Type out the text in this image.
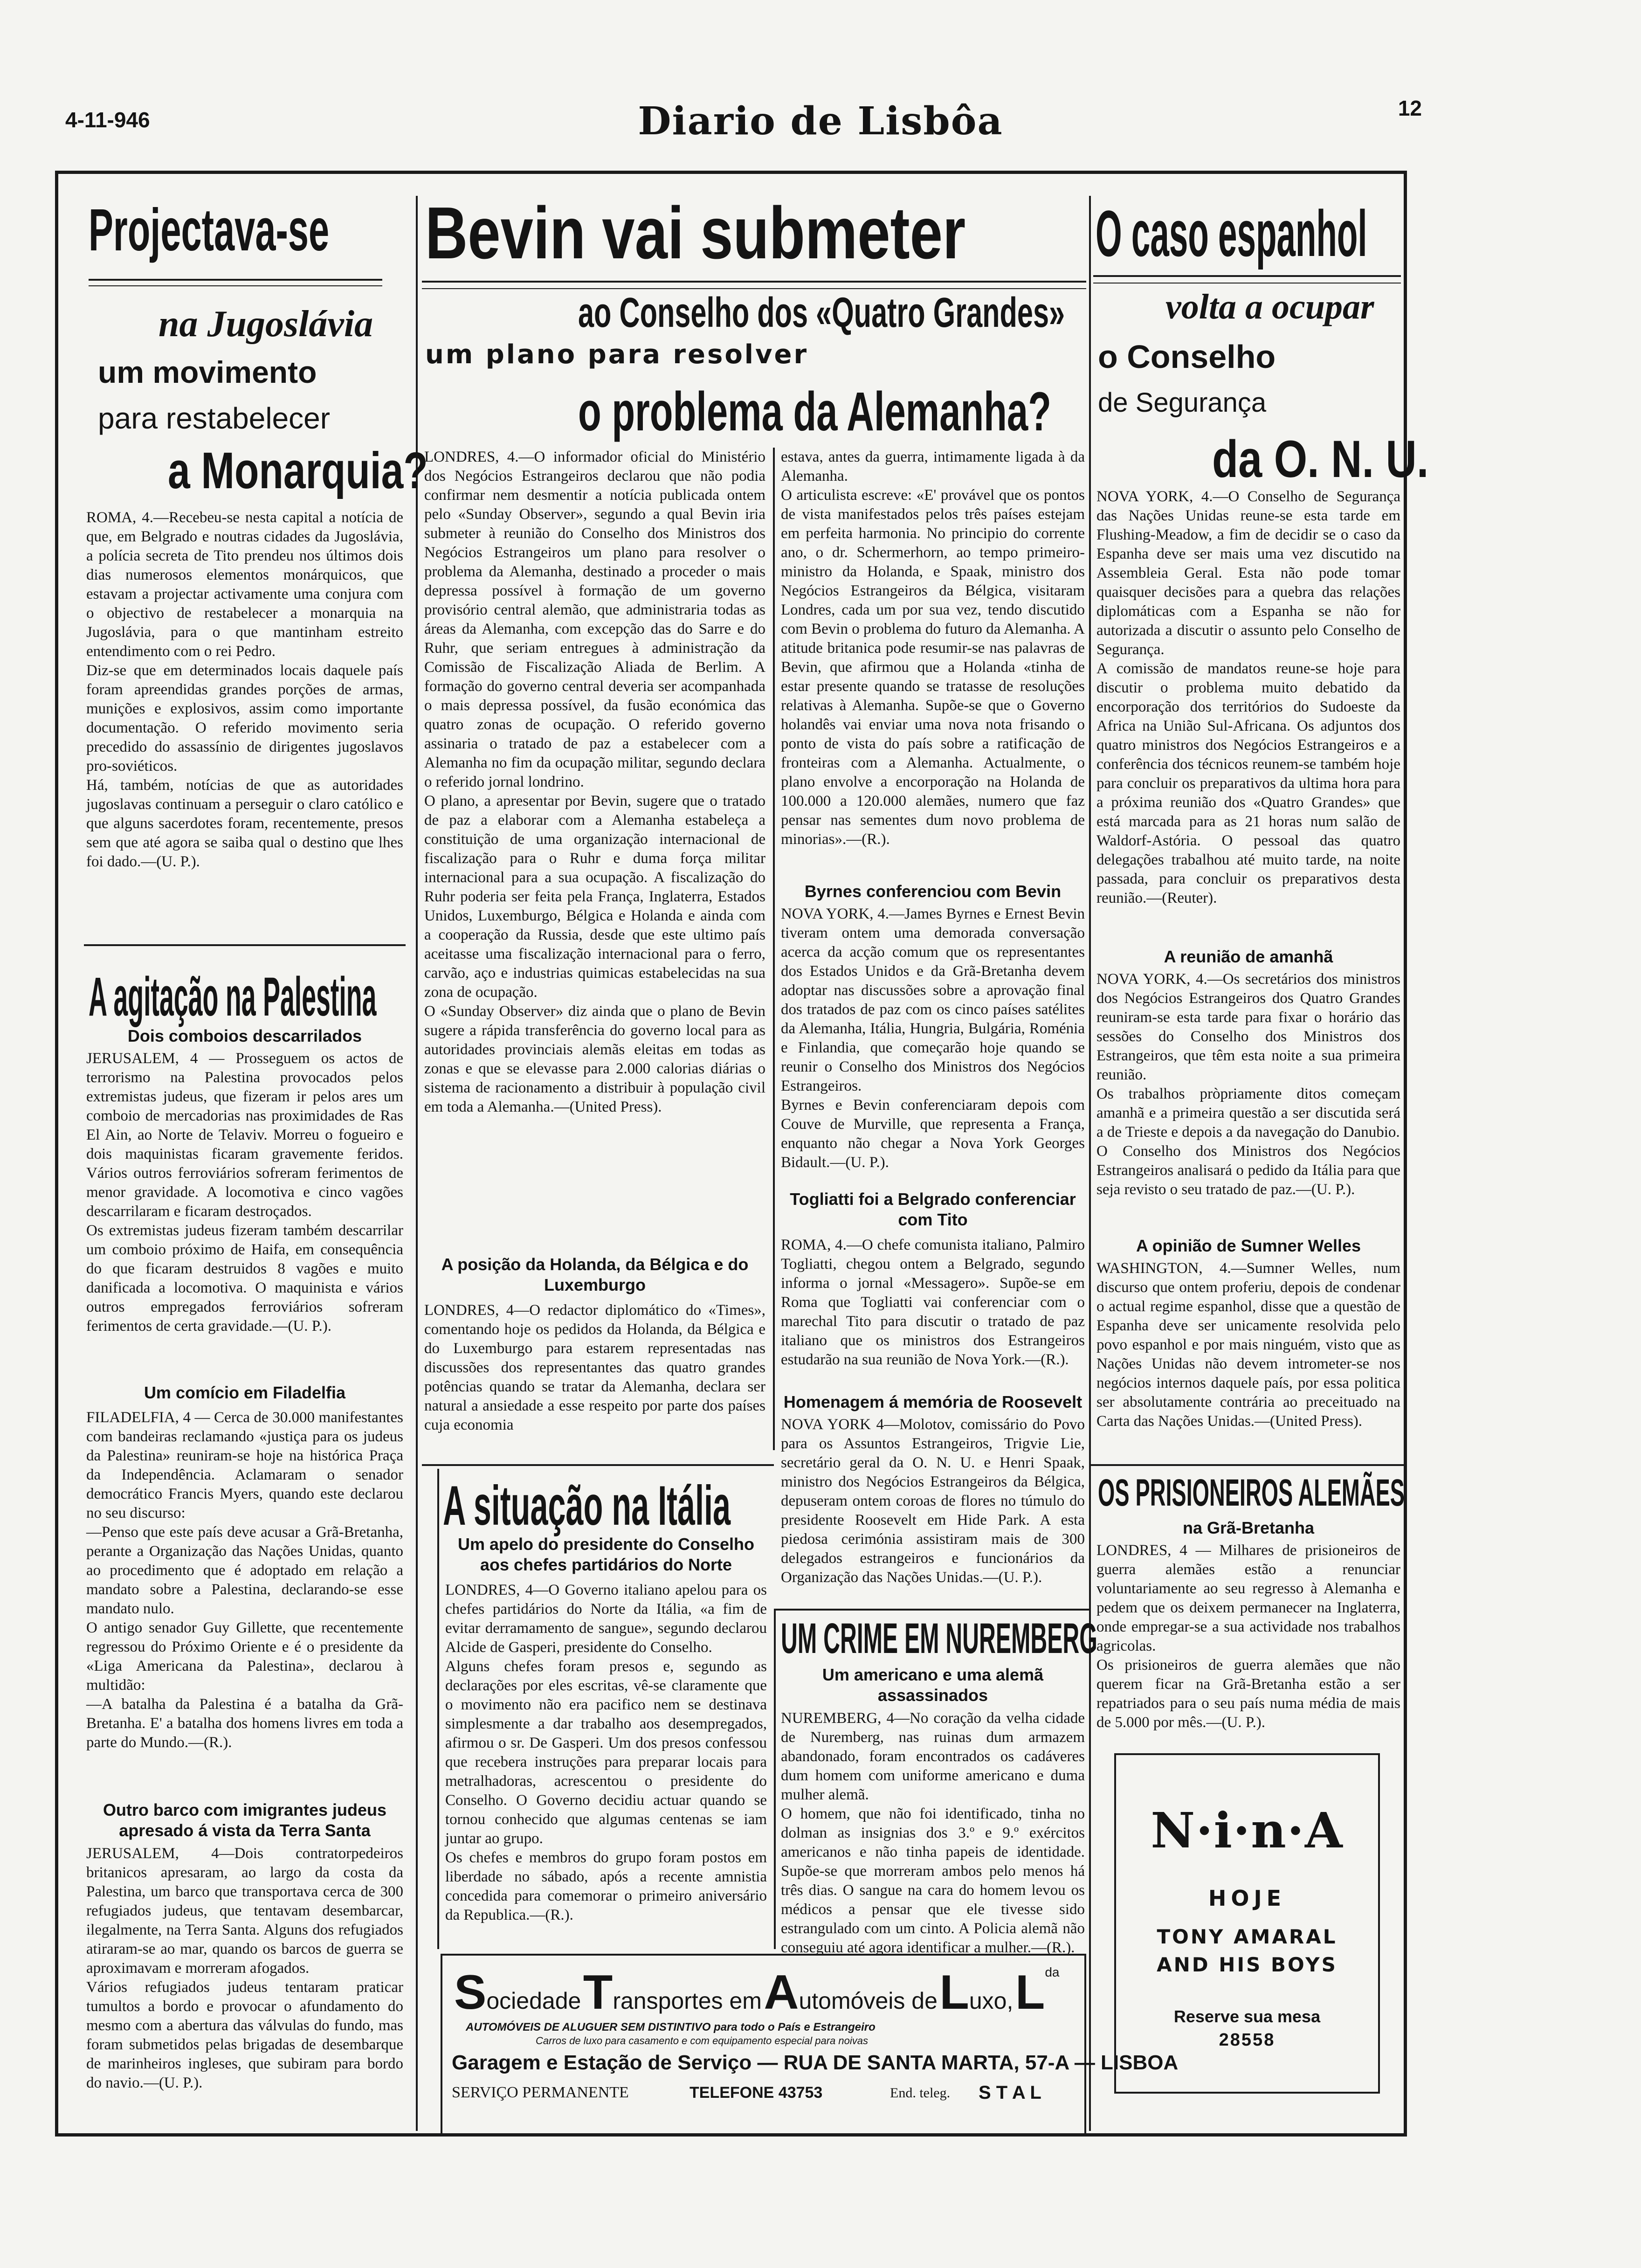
4-11-946	Diario de Lisbôa	12
Projectava-se
na Jugoslávia
um movimento
para restabelecer
a Monarquia?
ROMA, 4.—Recebeu-se nesta capital a notícia de que, em Belgrado e noutras cidades da Jugoslávia, a polícia secreta de Tito prendeu nos últimos dois dias numerosos elementos monárquicos, que estavam a projectar activamente uma conjura com o objectivo de restabelecer a monarquia na Jugoslávia, para o que mantinham estreito entendimento com o rei Pedro.
Diz-se que em determinados locais daquele país foram apreendidas grandes porções de armas, munições e explosivos, assim como importante documentação. O referido movimento seria precedido do assassínio de dirigentes jugoslavos pro-soviéticos.
Há, também, notícias de que as autoridades jugoslavas continuam a perseguir o claro católico e que alguns sacerdotes foram, recentemente, presos sem que até agora se saiba qual o destino que lhes foi dado.—(U. P.).
A agitação na Palestina
Dois comboios descarrilados
JERUSALEM, 4 — Prosseguem os actos de terrorismo na Palestina provocados pelos extremistas judeus, que fizeram ir pelos ares um comboio de mercadorias nas proximidades de Ras El Ain, ao Norte de Telaviv. Morreu o fogueiro e dois maquinistas ficaram gravemente feridos. Vários outros ferroviários sofreram ferimentos de menor gravidade. A locomotiva e cinco vagões descarrilaram e ficaram destroçados.
Os extremistas judeus fizeram também descarrilar um comboio próximo de Haifa, em consequência do que ficaram destruidos 8 vagões e muito danificada a locomotiva. O maquinista e vários outros empregados ferroviários sofreram ferimentos de certa gravidade.—(U. P.).
Um comício em Filadelfia
FILADELFIA, 4 — Cerca de 30.000 manifestantes com bandeiras reclamando «justiça para os judeus da Palestina» reuniram-se hoje na histórica Praça da Independência. Aclamaram o senador democrático Francis Myers, quando este declarou no seu discurso:
—Penso que este país deve acusar a Grã-Bretanha, perante a Organização das Nações Unidas, quanto ao procedimento que é adoptado em relação a mandato sobre a Palestina, declarando-se esse mandato nulo.
O antigo senador Guy Gillette, que recentemente regressou do Próximo Oriente e é o presidente da «Liga Americana da Palestina», declarou à multidão:
—A batalha da Palestina é a batalha da Grã-Bretanha. E' a batalha dos homens livres em toda a parte do Mundo.—(R.).
Outro barco com imigrantes judeus apresado á vista da Terra Santa
JERUSALEM, 4—Dois contratorpedeiros britanicos apresaram, ao largo da costa da Palestina, um barco que transportava cerca de 300 refugiados judeus, que tentavam desembarcar, ilegalmente, na Terra Santa. Alguns dos refugiados atiraram-se ao mar, quando os barcos de guerra se aproximavam e morreram afogados.
Vários refugiados judeus tentaram praticar tumultos a bordo e provocar o afundamento do mesmo com a abertura das válvulas do fundo, mas foram submetidos pelas brigadas de desembarque de marinheiros ingleses, que subiram para bordo do navio.—(U. P.).
Bevin vai submeter
ao Conselho dos «Quatro Grandes»
um plano para resolver
o problema da Alemanha?
LONDRES, 4.—O informador oficial do Ministério dos Negócios Estrangeiros declarou que não podia confirmar nem desmentir a notícia publicada ontem pelo «Sunday Observer», segundo a qual Bevin iria submeter à reunião do Conselho dos Ministros dos Negócios Estrangeiros um plano para resolver o problema da Alemanha, destinado a proceder o mais depressa possível à formação de um governo provisório central alemão, que administraria todas as áreas da Alemanha, com excepção das do Sarre e do Ruhr, que seriam entregues à administração da Comissão de Fiscalização Aliada de Berlim. A formação do governo central deveria ser acompanhada o mais depressa possível, da fusão económica das quatro zonas de ocupação. O referido governo assinaria o tratado de paz a estabelecer com a Alemanha no fim da ocupação militar, segundo declara o referido jornal londrino.
O plano, a apresentar por Bevin, sugere que o tratado de paz a elaborar com a Alemanha estabeleça a constituição de uma organização internacional de fiscalização para o Ruhr e duma força militar internacional para a sua ocupação. A fiscalização do Ruhr poderia ser feita pela França, Inglaterra, Estados Unidos, Luxemburgo, Bélgica e Holanda e ainda com a cooperação da Russia, desde que este ultimo país aceitasse uma fiscalização internacional para o ferro, carvão, aço e industrias quimicas estabelecidas na sua zona de ocupação.
O «Sunday Observer» diz ainda que o plano de Bevin sugere a rápida transferência do governo local para as autoridades provinciais alemãs eleitas em todas as zonas e que se elevasse para 2.000 calorias diárias o sistema de racionamento a distribuir à população civil em toda a Alemanha.—(United Press).
A posição da Holanda, da Bélgica e do Luxemburgo
LONDRES, 4—O redactor diplomático do «Times», comentando hoje os pedidos da Holanda, da Bélgica e do Luxemburgo para estarem representadas nas discussões dos representantes das quatro grandes potências quando se tratar da Alemanha, declara ser natural a ansiedade a esse respeito por parte dos países cuja economia
estava, antes da guerra, intimamente ligada à da Alemanha.
O articulista escreve: «E' provável que os pontos de vista manifestados pelos três países estejam em perfeita harmonia. No principio do corrente ano, o dr. Schermerhorn, ao tempo primeiro-ministro da Holanda, e Spaak, ministro dos Negócios Estrangeiros da Bélgica, visitaram Londres, cada um por sua vez, tendo discutido com Bevin o problema do futuro da Alemanha. A atitude britanica pode resumir-se nas palavras de Bevin, que afirmou que a Holanda «tinha de estar presente quando se tratasse de resoluções relativas à Alemanha. Supõe-se que o Governo holandês vai enviar uma nova nota frisando o ponto de vista do país sobre a ratificação de fronteiras com a Alemanha. Actualmente, o plano envolve a encorporação na Holanda de 100.000 a 120.000 alemães, numero que faz pensar nas sementes dum novo problema de minorias».—(R.).
Byrnes conferenciou com Bevin
NOVA YORK, 4.—James Byrnes e Ernest Bevin tiveram ontem uma demorada conversação acerca da acção comum que os representantes dos Estados Unidos e da Grã-Bretanha devem adoptar nas discussões sobre a aprovação final dos tratados de paz com os cinco países satélites da Alemanha, Itália, Hungria, Bulgária, Roménia e Finlandia, que começarão hoje quando se reunir o Conselho dos Ministros dos Negócios Estrangeiros.
Byrnes e Bevin conferenciaram depois com Couve de Murville, que representa a França, enquanto não chegar a Nova York Georges Bidault.—(U. P.).
Togliatti foi a Belgrado conferenciar com Tito
ROMA, 4.—O chefe comunista italiano, Palmiro Togliatti, chegou ontem a Belgrado, segundo informa o jornal «Messagero». Supõe-se em Roma que Togliatti vai conferenciar com o marechal Tito para discutir o tratado de paz italiano que os ministros dos Estrangeiros estudarão na sua reunião de Nova York.—(R.).
Homenagem á memória de Roosevelt
NOVA YORK 4—Molotov, comissário do Povo para os Assuntos Estrangeiros, Trigvie Lie, secretário geral da O. N. U. e Henri Spaak, ministro dos Negócios Estrangeiros da Bélgica, depuseram ontem coroas de flores no túmulo do presidente Roosevelt em Hide Park. A esta piedosa cerimónia assistiram mais de 300 delegados estrangeiros e funcionários da Organização das Nações Unidas.—(U. P.).
A situação na Itália
Um apelo do presidente do Conselho aos chefes partidários do Norte
LONDRES, 4—O Governo italiano apelou para os chefes partidários do Norte da Itália, «a fim de evitar derramamento de sangue», segundo declarou Alcide de Gasperi, presidente do Conselho.
Alguns chefes foram presos e, segundo as declarações por eles escritas, vê-se claramente que o movimento não era pacifico nem se destinava simplesmente a dar trabalho aos desempregados, afirmou o sr. De Gasperi. Um dos presos confessou que recebera instruções para preparar locais para metralhadoras, acrescentou o presidente do Conselho. O Governo decidiu actuar quando se tornou conhecido que algumas centenas se iam juntar ao grupo.
Os chefes e membros do grupo foram postos em liberdade no sábado, após a recente amnistia concedida para comemorar o primeiro aniversário da Republica.—(R.).
UM CRIME EM NUREMBERG
Um americano e uma alemã assassinados
NUREMBERG, 4—No coração da velha cidade de Nuremberg, nas ruinas dum armazem abandonado, foram encontrados os cadáveres dum homem com uniforme americano e duma mulher alemã.
O homem, que não foi identificado, tinha no dolman as insignias dos 3.º e 9.º exércitos americanos e não tinha papeis de identidade. Supõe-se que morreram ambos pelo menos há três dias. O sangue na cara do homem levou os médicos a pensar que ele tivesse sido estrangulado com um cinto. A Policia alemã não conseguiu até agora identificar a mulher.—(R.).
Sociedade Transportes em Automóveis de Luxo, Lda
AUTOMÓVEIS DE ALUGUER SEM DISTINTIVO para todo o País e Estrangeiro
Carros de luxo para casamento e com equipamento especial para noivas
Garagem e Estação de Serviço — RUA DE SANTA MARTA, 57-A — LISBOA
SERVIÇO PERMANENTE	TELEFONE 43753	End. teleg. S T A L
O caso espanhol
volta a ocupar
o Conselho
de Segurança
da O. N. U.
NOVA YORK, 4.—O Conselho de Segurança das Nações Unidas reune-se esta tarde em Flushing-Meadow, a fim de decidir se o caso da Espanha deve ser mais uma vez discutido na Assembleia Geral. Esta não pode tomar quaisquer decisões para a quebra das relações diplomáticas com a Espanha se não for autorizada a discutir o assunto pelo Conselho de Segurança.
A comissão de mandatos reune-se hoje para discutir o problema muito debatido da encorporação dos territórios do Sudoeste da Africa na União Sul-Africana. Os adjuntos dos quatro ministros dos Negócios Estrangeiros e a conferência dos técnicos reunem-se também hoje para concluir os preparativos da ultima hora para a próxima reunião dos «Quatro Grandes» que está marcada para as 21 horas num salão de Waldorf-Astória. O pessoal das quatro delegações trabalhou até muito tarde, na noite passada, para concluir os preparativos desta reunião.—(Reuter).
A reunião de amanhã
NOVA YORK, 4.—Os secretários dos ministros dos Negócios Estrangeiros dos Quatro Grandes reuniram-se esta tarde para fixar o horário das sessões do Conselho dos Ministros dos Estrangeiros, que têm esta noite a sua primeira reunião.
Os trabalhos pròpriamente ditos começam amanhã e a primeira questão a ser discutida será a de Trieste e depois a da navegação do Danubio.
O Conselho dos Ministros dos Negócios Estrangeiros analisará o pedido da Itália para que seja revisto o seu tratado de paz.—(U. P.).
A opinião de Sumner Welles
WASHINGTON, 4.—Sumner Welles, num discurso que ontem proferiu, depois de condenar o actual regime espanhol, disse que a questão de Espanha deve ser unicamente resolvida pelo povo espanhol e por mais ninguém, visto que as Nações Unidas não devem intrometer-se nos negócios internos daquele país, por essa politica ser absolutamente contrária ao preceituado na Carta das Nações Unidas.—(United Press).
OS PRISIONEIROS ALEMÃES
na Grã-Bretanha
LONDRES, 4 — Milhares de prisioneiros de guerra alemães estão a renunciar voluntariamente ao seu regresso à Alemanha e pedem que os deixem permanecer na Inglaterra, onde empregar-se a sua actividade nos trabalhos agricolas.
Os prisioneiros de guerra alemães que não querem ficar na Grã-Bretanha estão a ser repatriados para o seu país numa média de mais de 5.000 por mês.—(U. P.).
N·i·n·A
HOJE
TONY AMARAL
AND HIS BOYS
Reserve sua mesa
28558
